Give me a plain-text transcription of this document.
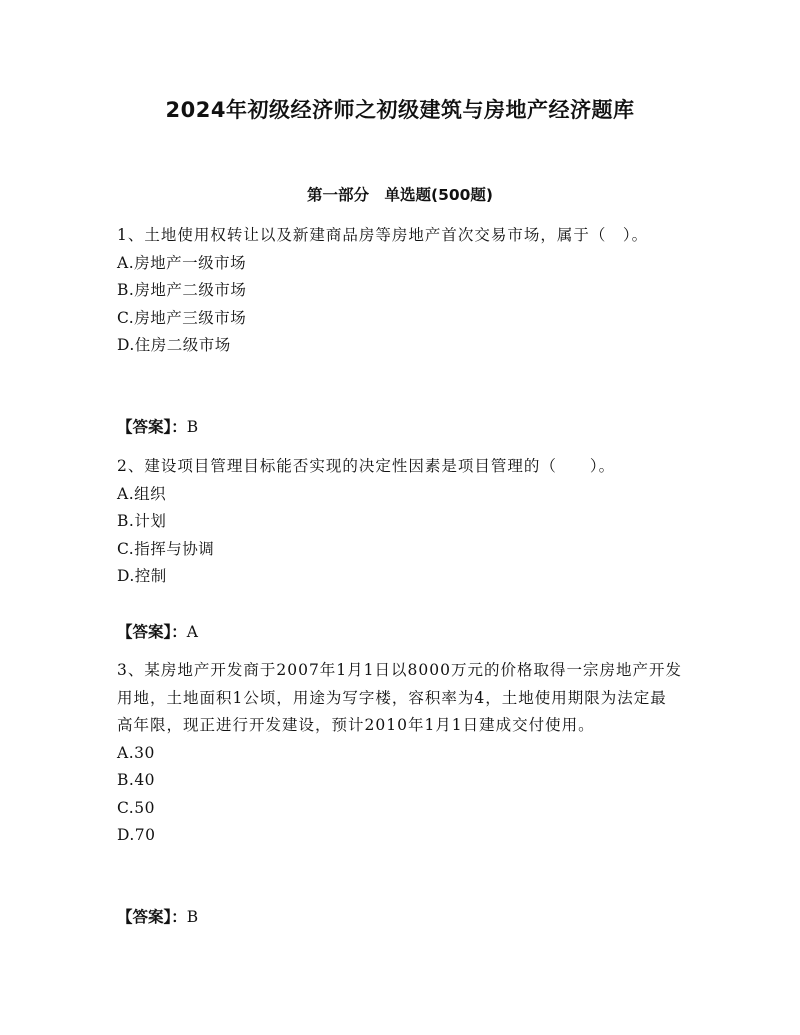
2024年初级经济师之初级建筑与房地产经济题库
第一部分　单选题(500题)

1、土地使用权转让以及新建商品房等房地产首次交易市场，属于（　）。

A.房地产一级市场

B.房地产二级市场

C.房地产三级市场

D.住房二级市场

【答案】：B

2、建设项目管理目标能否实现的决定性因素是项目管理的（　　）。

A.组织

B.计划

C.指挥与协调

D.控制

【答案】：A

3、某房地产开发商于2007年1月1日以8000万元的价格取得一宗房地产开发用地，土地面积1公顷，用途为写字楼，容积率为4，土地使用期限为法定最高年限，现正进行开发建设，预计2010年1月1日建成交付使用。

A.30

B.40

C.50

D.70

【答案】：B
